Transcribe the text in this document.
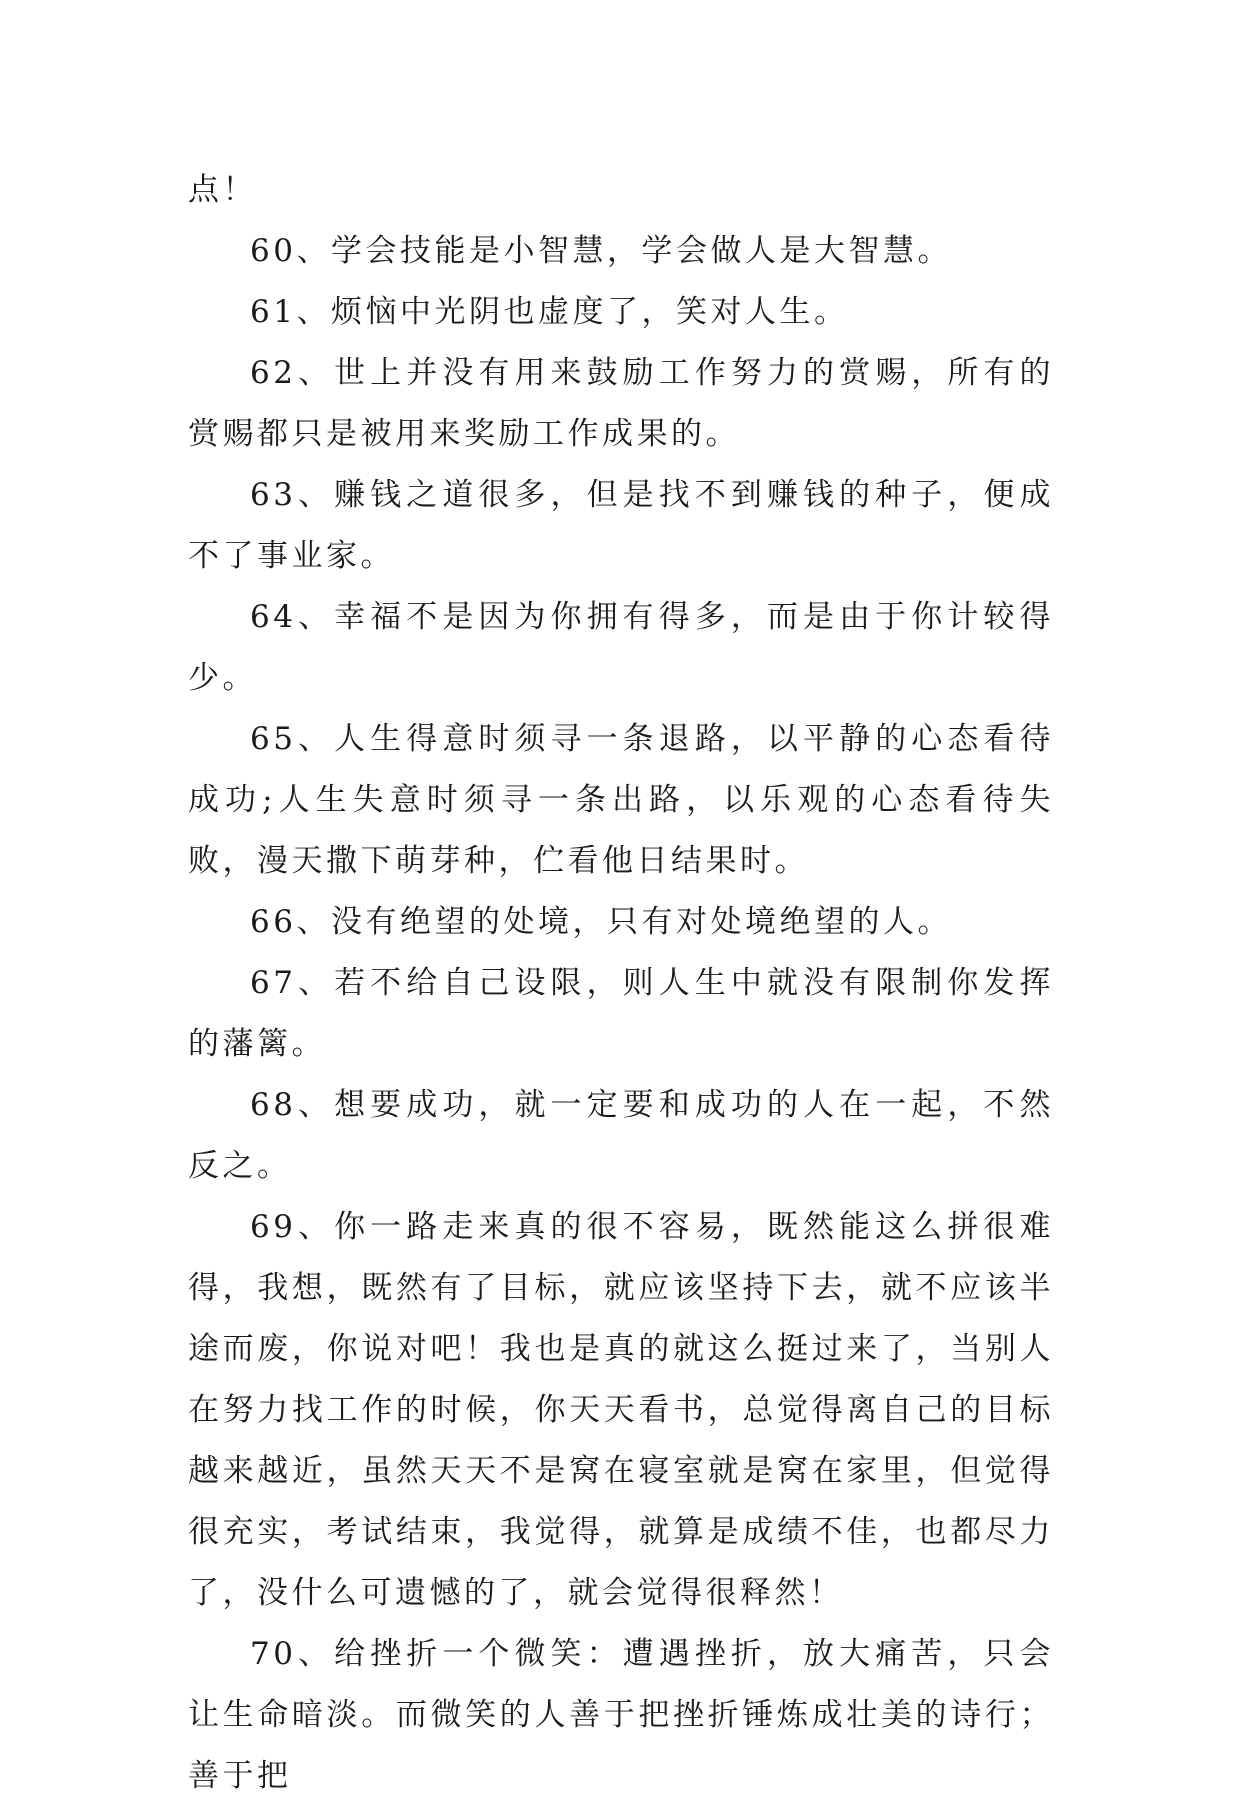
点！

60、学会技能是小智慧，学会做人是大智慧。

61、烦恼中光阴也虚度了，笑对人生。

62、世上并没有用来鼓励工作努力的赏赐，所有的赏赐都只是被用来奖励工作成果的。

63、赚钱之道很多，但是找不到赚钱的种子，便成不了事业家。

64、幸福不是因为你拥有得多，而是由于你计较得少。

65、人生得意时须寻一条退路，以平静的心态看待成功;人生失意时须寻一条出路，以乐观的心态看待失败，漫天撒下萌芽种，伫看他日结果时。

66、没有绝望的处境，只有对处境绝望的人。

67、若不给自己设限，则人生中就没有限制你发挥的藩篱。

68、想要成功，就一定要和成功的人在一起，不然反之。

69、你一路走来真的很不容易，既然能这么拼很难得，我想，既然有了目标，就应该坚持下去，就不应该半途而废，你说对吧！我也是真的就这么挺过来了，当别人在努力找工作的时候，你天天看书，总觉得离自己的目标越来越近，虽然天天不是窝在寝室就是窝在家里，但觉得很充实，考试结束，我觉得，就算是成绩不佳，也都尽力了，没什么可遗憾的了，就会觉得很释然！

70、给挫折一个微笑：遭遇挫折，放大痛苦，只会让生命暗淡。而微笑的人善于把挫折锤炼成壮美的诗行；善于把
